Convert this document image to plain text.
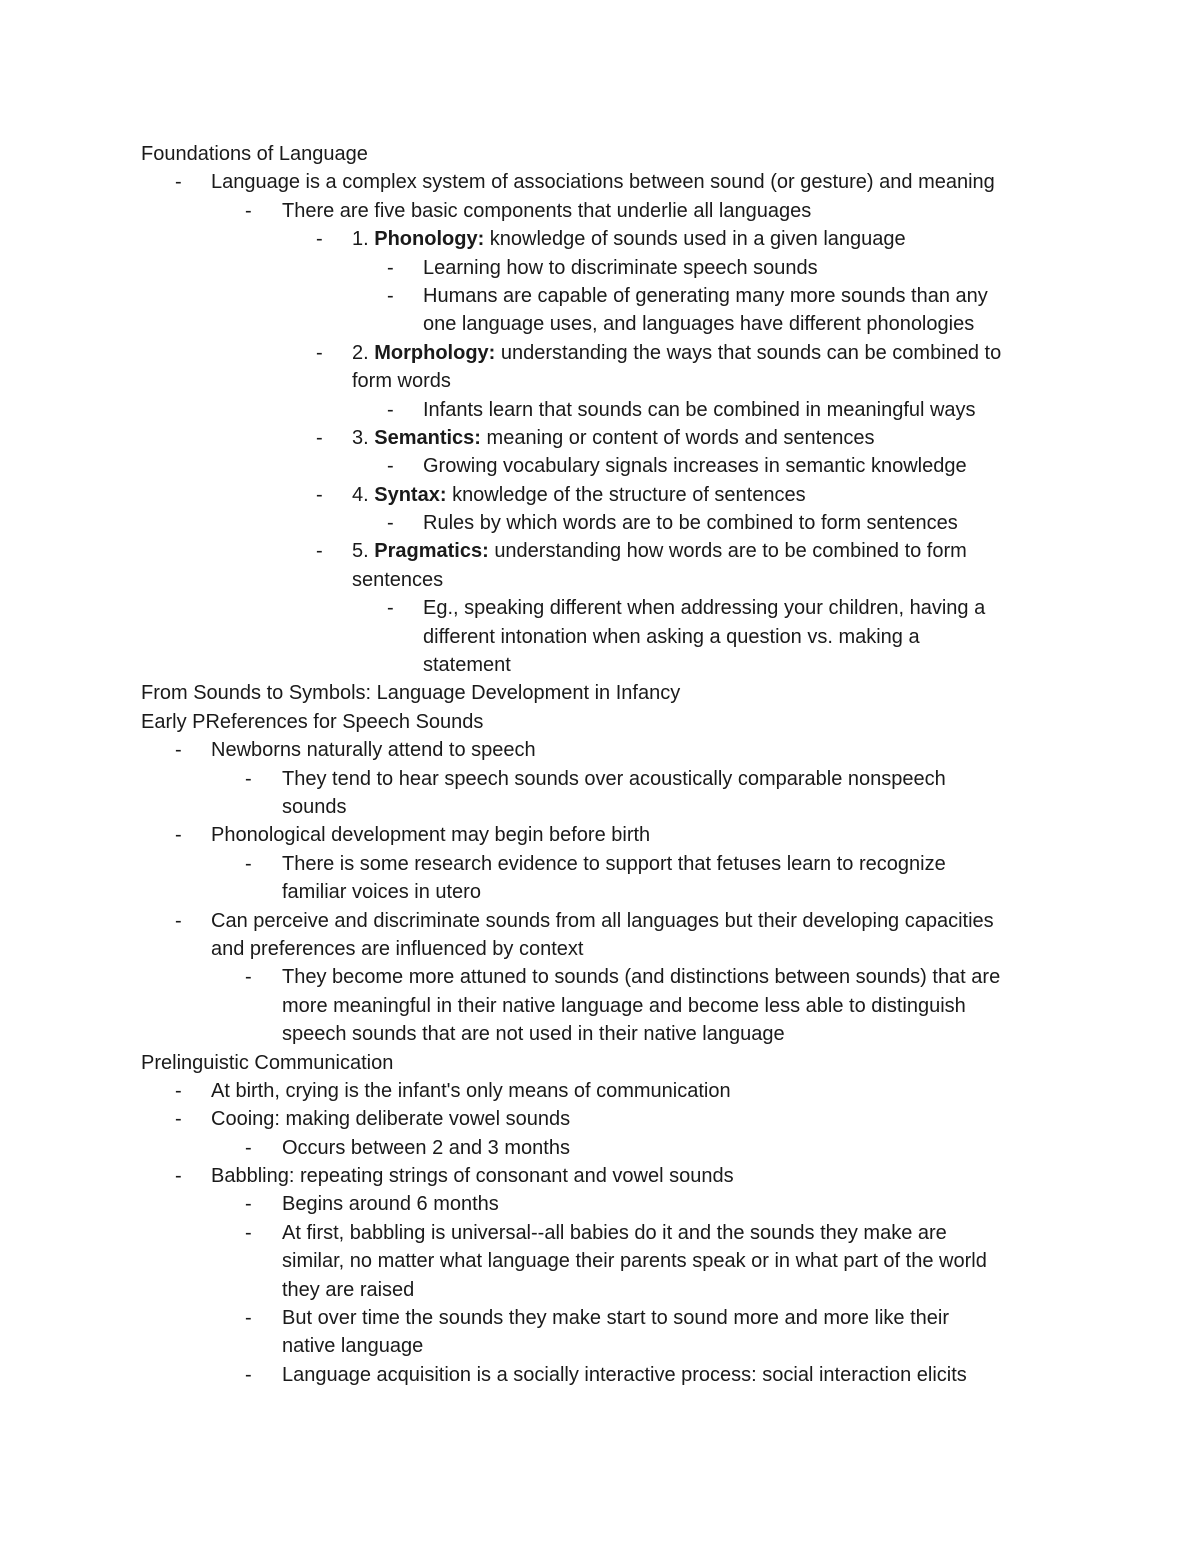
Foundations of Language
- Language is a complex system of associations between sound (or gesture) and meaning
- There are five basic components that underlie all languages
- 1. Phonology: knowledge of sounds used in a given language
- Learning how to discriminate speech sounds
- Humans are capable of generating many more sounds than any
one language uses, and languages have different phonologies
- 2. Morphology: understanding the ways that sounds can be combined to
form words
- Infants learn that sounds can be combined in meaningful ways
- 3. Semantics: meaning or content of words and sentences
- Growing vocabulary signals increases in semantic knowledge
- 4. Syntax: knowledge of the structure of sentences
- Rules by which words are to be combined to form sentences
- 5. Pragmatics: understanding how words are to be combined to form
sentences
- Eg., speaking different when addressing your children, having a
different intonation when asking a question vs. making a
statement
From Sounds to Symbols: Language Development in Infancy
Early PReferences for Speech Sounds
- Newborns naturally attend to speech
- They tend to hear speech sounds over acoustically comparable nonspeech
sounds
- Phonological development may begin before birth
- There is some research evidence to support that fetuses learn to recognize
familiar voices in utero
- Can perceive and discriminate sounds from all languages but their developing capacities
and preferences are influenced by context
- They become more attuned to sounds (and distinctions between sounds) that are
more meaningful in their native language and become less able to distinguish
speech sounds that are not used in their native language
Prelinguistic Communication
- At birth, crying is the infant's only means of communication
- Cooing: making deliberate vowel sounds
- Occurs between 2 and 3 months
- Babbling: repeating strings of consonant and vowel sounds
- Begins around 6 months
- At first, babbling is universal--all babies do it and the sounds they make are
similar, no matter what language their parents speak or in what part of the world
they are raised
- But over time the sounds they make start to sound more and more like their
native language
- Language acquisition is a socially interactive process: social interaction elicits
